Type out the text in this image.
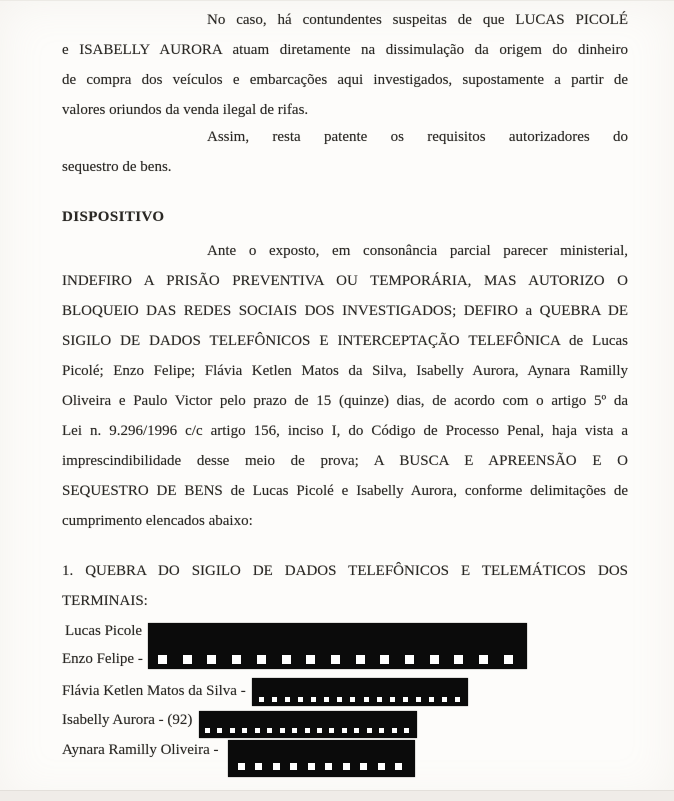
No caso, há contundentes suspeitas de que LUCAS PICOLÉ
e ISABELLY AURORA atuam diretamente na dissimulação da origem do dinheiro
de compra dos veículos e embarcações aqui investigados, supostamente a partir de
valores oriundos da venda ilegal de rifas.
Assim, resta patente os requisitos autorizadores do
sequestro de bens.
DISPOSITIVO
Ante o exposto, em consonância parcial parecer ministerial,
INDEFIRO A PRISÃO PREVENTIVA OU TEMPORÁRIA, MAS AUTORIZO O
BLOQUEIO DAS REDES SOCIAIS DOS INVESTIGADOS; DEFIRO a QUEBRA DE
SIGILO DE DADOS TELEFÔNICOS E INTERCEPTAÇÃO TELEFÔNICA de Lucas
Picolé; Enzo Felipe; Flávia Ketlen Matos da Silva, Isabelly Aurora, Aynara Ramilly
Oliveira e Paulo Victor pelo prazo de 15 (quinze) dias, de acordo com o artigo 5º da
Lei n. 9.296/1996 c/c artigo 156, inciso I, do Código de Processo Penal, haja vista a
imprescindibilidade desse meio de prova; A BUSCA E APREENSÃO E O
SEQUESTRO DE BENS de Lucas Picolé e Isabelly Aurora, conforme delimitações de
cumprimento elencados abaixo:
1. QUEBRA DO SIGILO DE DADOS TELEFÔNICOS E TELEMÁTICOS DOS
TERMINAIS:
Lucas Picole
Enzo Felipe -
Flávia Ketlen Matos da Silva -
Isabelly Aurora - (92)
Aynara Ramilly Oliveira -
